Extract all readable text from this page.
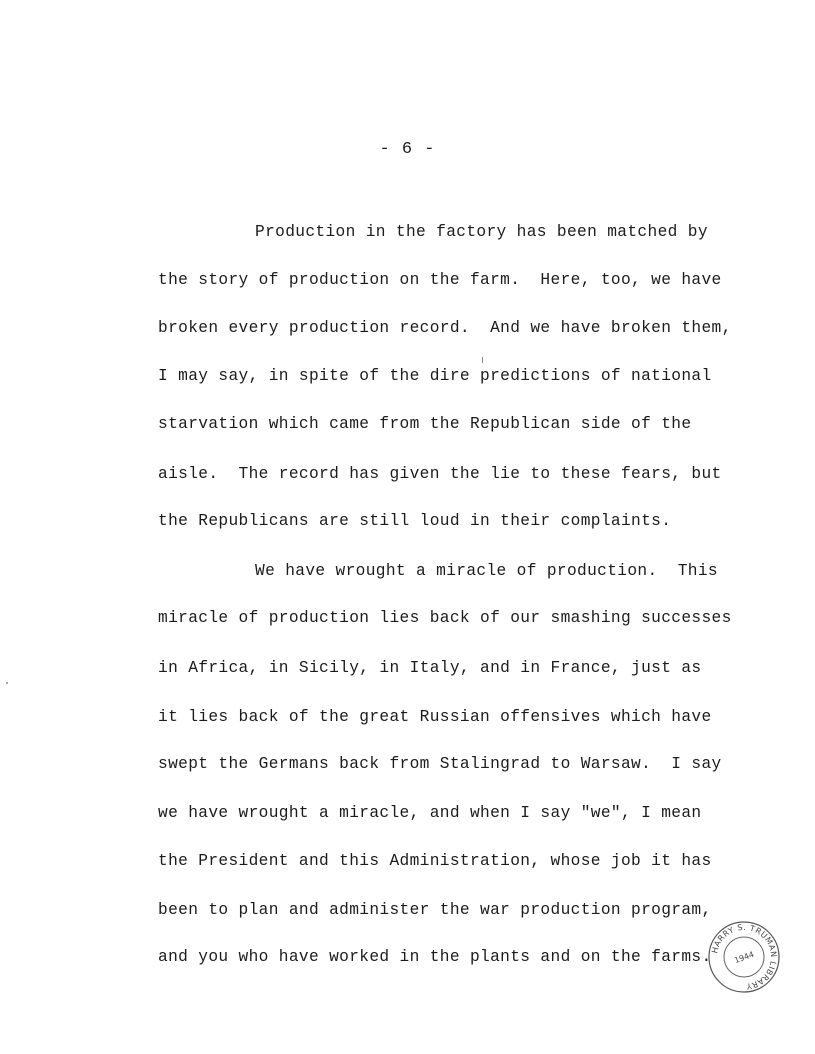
- 6 -
Production in the factory has been matched by
the story of production on the farm.  Here, too, we have
broken every production record.  And we have broken them,
I may say, in spite of the dire predictions of national
starvation which came from the Republican side of the
aisle.  The record has given the lie to these fears, but
the Republicans are still loud in their complaints.
We have wrought a miracle of production.  This
miracle of production lies back of our smashing successes
in Africa, in Sicily, in Italy, and in France, just as
it lies back of the great Russian offensives which have
swept the Germans back from Stalingrad to Warsaw.  I say
we have wrought a miracle, and when I say "we", I mean
the President and this Administration, whose job it has
been to plan and administer the war production program,
and you who have worked in the plants and on the farms.
HARRY S. TRUMAN LIBRARY
1944
